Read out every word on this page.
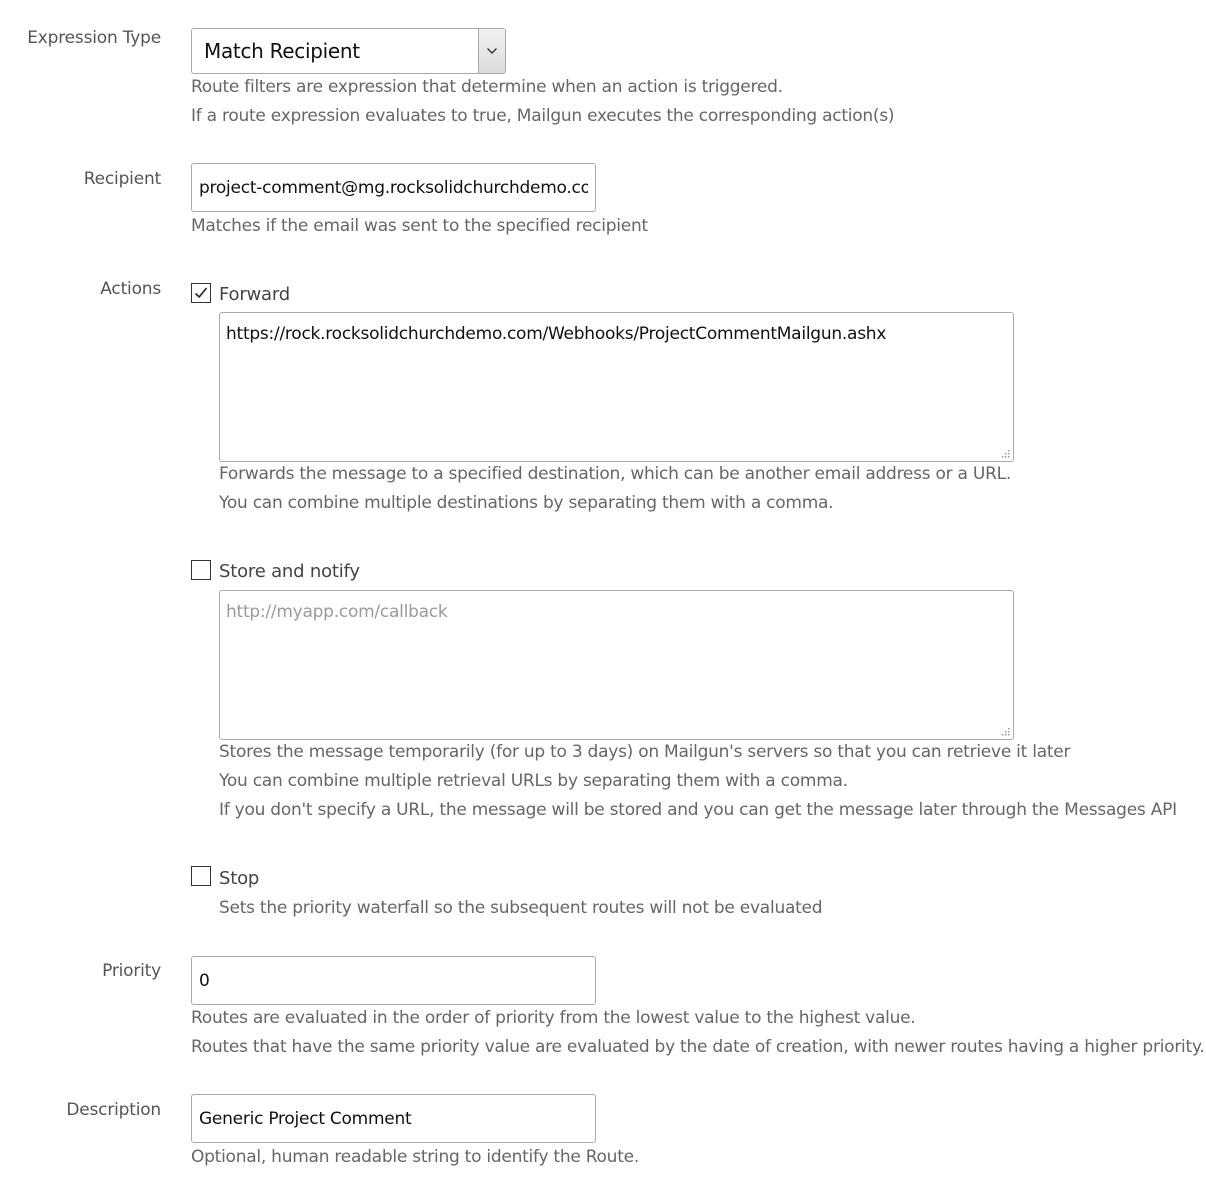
Expression Type
Match Recipient
Route filters are expression that determine when an action is triggered.
If a route expression evaluates to true, Mailgun executes the corresponding action(s)
Recipient
project-comment@mg.rocksolidchurchdemo.co
Matches if the email was sent to the specified recipient
Actions	Forward
https://rock.rocksolidchurchdemo.com/Webhooks/ProjectCommentMailgun.ashx
Forwards the message to a specified destination, which can be another email address or a URL.
You can combine multiple destinations by separating them with a comma.
Store and notify
http://myapp.com/callback
Stores the message temporarily (for up to 3 days) on Mailgun's servers so that you can retrieve it later
You can combine multiple retrieval URLs by separating them with a comma.
If you don't specify a URL, the message will be stored and you can get the message later through the Messages API
Stop
Sets the priority waterfall so the subsequent routes will not be evaluated
Priority
0
Routes are evaluated in the order of priority from the lowest value to the highest value.
Routes that have the same priority value are evaluated by the date of creation, with newer routes having a higher priority.
Description
Generic Project Comment
Optional, human readable string to identify the Route.
